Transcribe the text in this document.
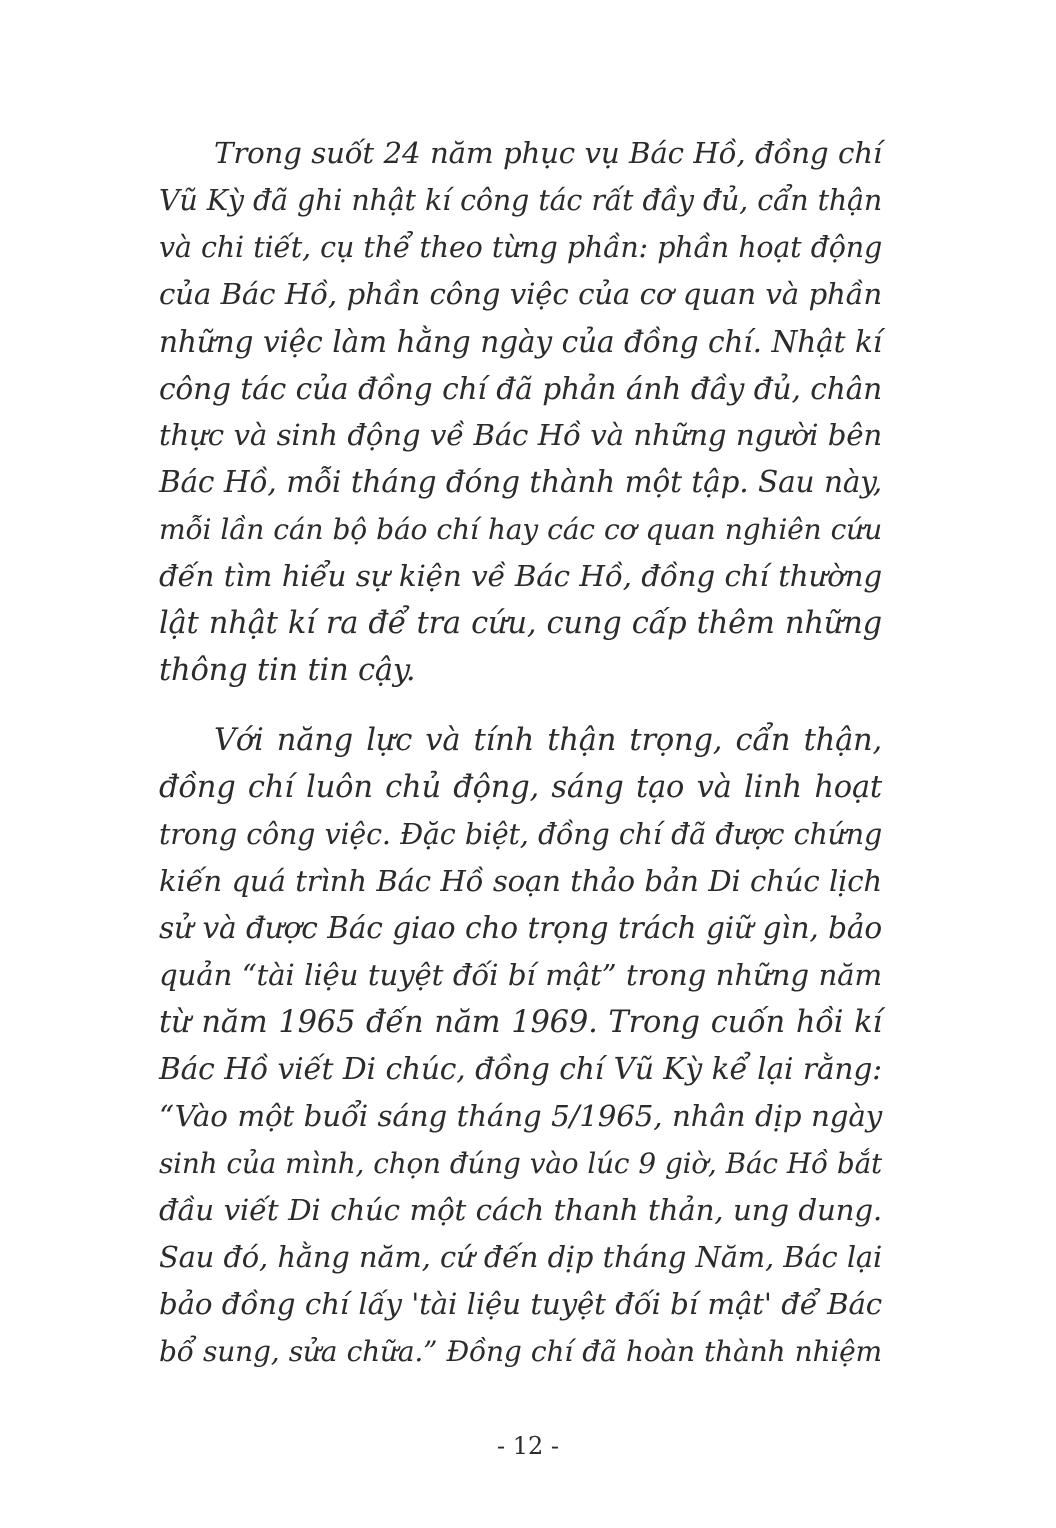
Trong suốt 24 năm phục vụ Bác Hồ, đồng chí
Vũ Kỳ đã ghi nhật kí công tác rất đầy đủ, cẩn thận
và chi tiết, cụ thể theo từng phần: phần hoạt động
của Bác Hồ, phần công việc của cơ quan và phần
những việc làm hằng ngày của đồng chí. Nhật kí
công tác của đồng chí đã phản ánh đầy đủ, chân
thực và sinh động về Bác Hồ và những người bên
Bác Hồ, mỗi tháng đóng thành một tập. Sau này,
mỗi lần cán bộ báo chí hay các cơ quan nghiên cứu
đến tìm hiểu sự kiện về Bác Hồ, đồng chí thường
lật nhật kí ra để tra cứu, cung cấp thêm những
thông tin tin cậy.
Với năng lực và tính thận trọng, cẩn thận,
đồng chí luôn chủ động, sáng tạo và linh hoạt
trong công việc. Đặc biệt, đồng chí đã được chứng
kiến quá trình Bác Hồ soạn thảo bản Di chúc lịch
sử và được Bác giao cho trọng trách giữ gìn, bảo
quản “tài liệu tuyệt đối bí mật” trong những năm
từ năm 1965 đến năm 1969. Trong cuốn hồi kí
Bác Hồ viết Di chúc, đồng chí Vũ Kỳ kể lại rằng:
“Vào một buổi sáng tháng 5/1965, nhân dịp ngày
sinh của mình, chọn đúng vào lúc 9 giờ, Bác Hồ bắt
đầu viết Di chúc một cách thanh thản, ung dung.
Sau đó, hằng năm, cứ đến dịp tháng Năm, Bác lại
bảo đồng chí lấy 'tài liệu tuyệt đối bí mật' để Bác
bổ sung, sửa chữa.” Đồng chí đã hoàn thành nhiệm
- 12 -
